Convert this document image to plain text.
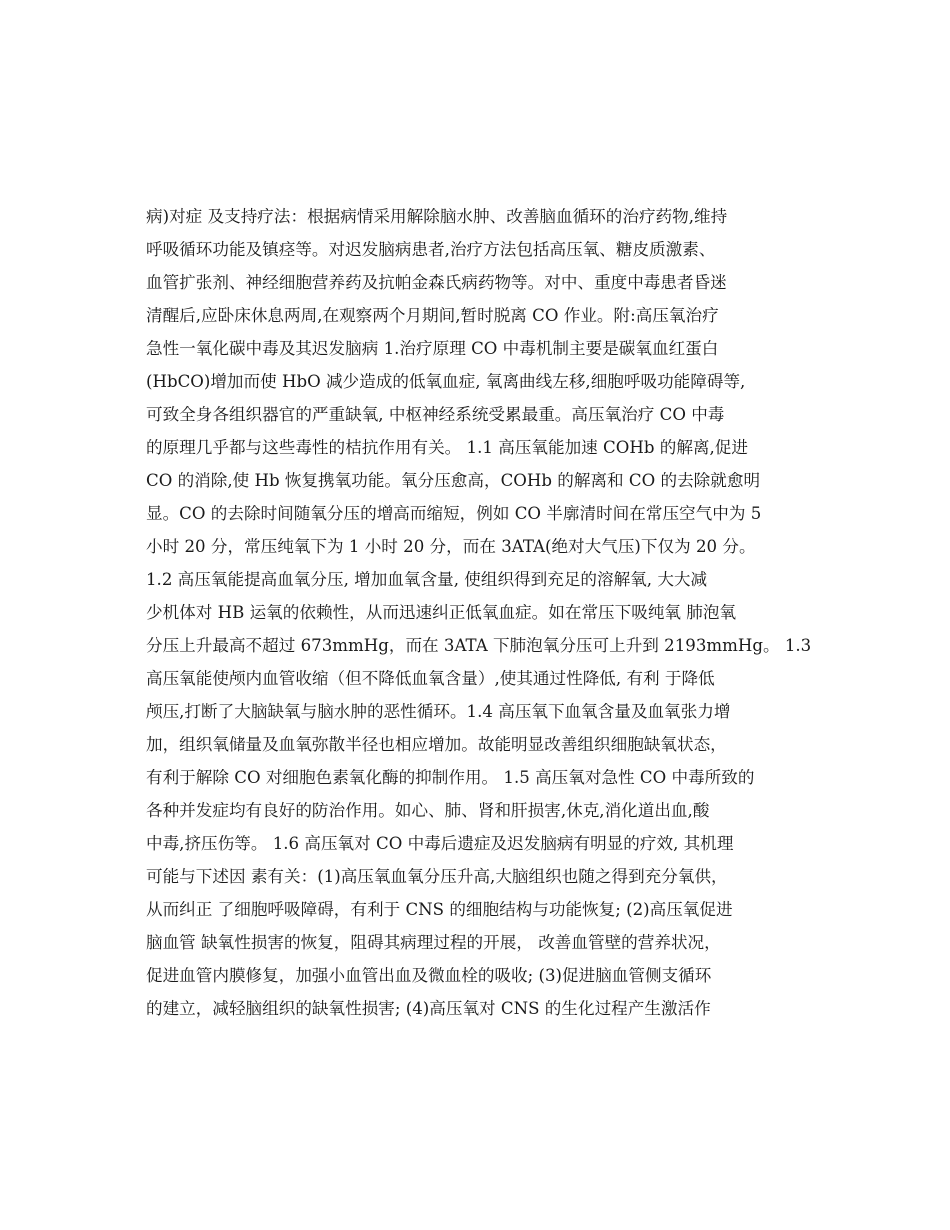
病)对症 及支持疗法：根据病情采用解除脑水肿、改善脑血循环的治疗药物,维持
呼吸循环功能及镇痉等。对迟发脑病患者,治疗方法包括高压氧、糖皮质激素、
血管扩张剂、神经细胞营养药及抗帕金森氏病药物等。对中、重度中毒患者昏迷
清醒后,应卧床休息两周,在观察两个月期间,暂时脱离 CO 作业。附:高压氧治疗
急性一氧化碳中毒及其迟发脑病 1.治疗原理 CO 中毒机制主要是碳氧血红蛋白
(HbCO)增加而使 HbO 减少造成的低氧血症, 氧离曲线左移,细胞呼吸功能障碍等,
可致全身各组织器官的严重缺氧, 中枢神经系统受累最重。高压氧治疗 CO 中毒
的原理几乎都与这些毒性的桔抗作用有关。 1.1 高压氧能加速 COHb 的解离,促进
CO 的消除,使 Hb 恢复携氧功能。氧分压愈高，COHb 的解离和 CO 的去除就愈明
显。CO 的去除时间随氧分压的增高而缩短，例如 CO 半廓清时间在常压空气中为 5
小时 20 分，常压纯氧下为 1 小时 20 分，而在 3ATA(绝对大气压)下仅为 20 分。
1.2 高压氧能提高血氧分压, 增加血氧含量, 使组织得到充足的溶解氧, 大大减
少机体对 HB 运氧的依赖性，从而迅速纠正低氧血症。如在常压下吸纯氧 肺泡氧
分压上升最高不超过 673mmHg，而在 3ATA 下肺泡氧分压可上升到 2193mmHg。 1.3
高压氧能使颅内血管收缩（但不降低血氧含量）,使其通过性降低, 有利 于降低
颅压,打断了大脑缺氧与脑水肿的恶性循环。1.4 高压氧下血氧含量及血氧张力增
加，组织氧储量及血氧弥散半径也相应增加。故能明显改善组织细胞缺氧状态，
有利于解除 CO 对细胞色素氧化酶的抑制作用。 1.5 高压氧对急性 CO 中毒所致的
各种并发症均有良好的防治作用。如心、肺、肾和肝损害,休克,消化道出血,酸
中毒,挤压伤等。 1.6 高压氧对 CO 中毒后遗症及迟发脑病有明显的疗效, 其机理
可能与下述因 素有关：(1)高压氧血氧分压升高,大脑组织也随之得到充分氧供，
从而纠正 了细胞呼吸障碍，有利于 CNS 的细胞结构与功能恢复; (2)高压氧促进
脑血管 缺氧性损害的恢复，阻碍其病理过程的开展， 改善血管壁的营养状况，
促进血管内膜修复，加强小血管出血及微血栓的吸收; (3)促进脑血管侧支循环
的建立，减轻脑组织的缺氧性损害; (4)高压氧对 CNS 的生化过程产生激活作
